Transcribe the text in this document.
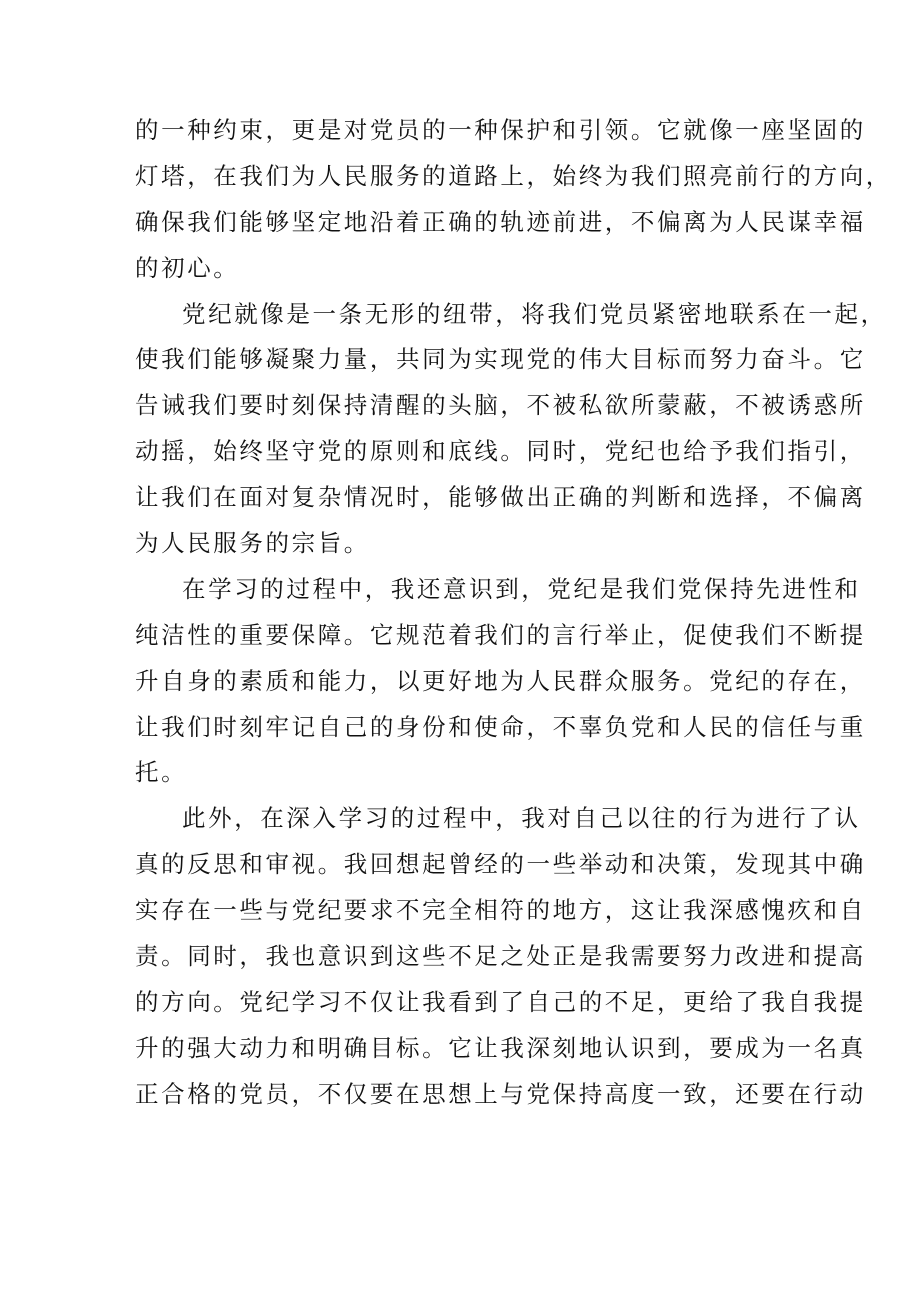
的一种约束，更是对党员的一种保护和引领。它就像一座坚固的
灯塔，在我们为人民服务的道路上，始终为我们照亮前行的方向，
确保我们能够坚定地沿着正确的轨迹前进，不偏离为人民谋幸福
的初心。
党纪就像是一条无形的纽带，将我们党员紧密地联系在一起，
使我们能够凝聚力量，共同为实现党的伟大目标而努力奋斗。它
告诫我们要时刻保持清醒的头脑，不被私欲所蒙蔽，不被诱惑所
动摇，始终坚守党的原则和底线。同时，党纪也给予我们指引，
让我们在面对复杂情况时，能够做出正确的判断和选择，不偏离
为人民服务的宗旨。
在学习的过程中，我还意识到，党纪是我们党保持先进性和
纯洁性的重要保障。它规范着我们的言行举止，促使我们不断提
升自身的素质和能力，以更好地为人民群众服务。党纪的存在，
让我们时刻牢记自己的身份和使命，不辜负党和人民的信任与重
托。
此外，在深入学习的过程中，我对自己以往的行为进行了认
真的反思和审视。我回想起曾经的一些举动和决策，发现其中确
实存在一些与党纪要求不完全相符的地方，这让我深感愧疚和自
责。同时，我也意识到这些不足之处正是我需要努力改进和提高
的方向。党纪学习不仅让我看到了自己的不足，更给了我自我提
升的强大动力和明确目标。它让我深刻地认识到，要成为一名真
正合格的党员，不仅要在思想上与党保持高度一致，还要在行动
